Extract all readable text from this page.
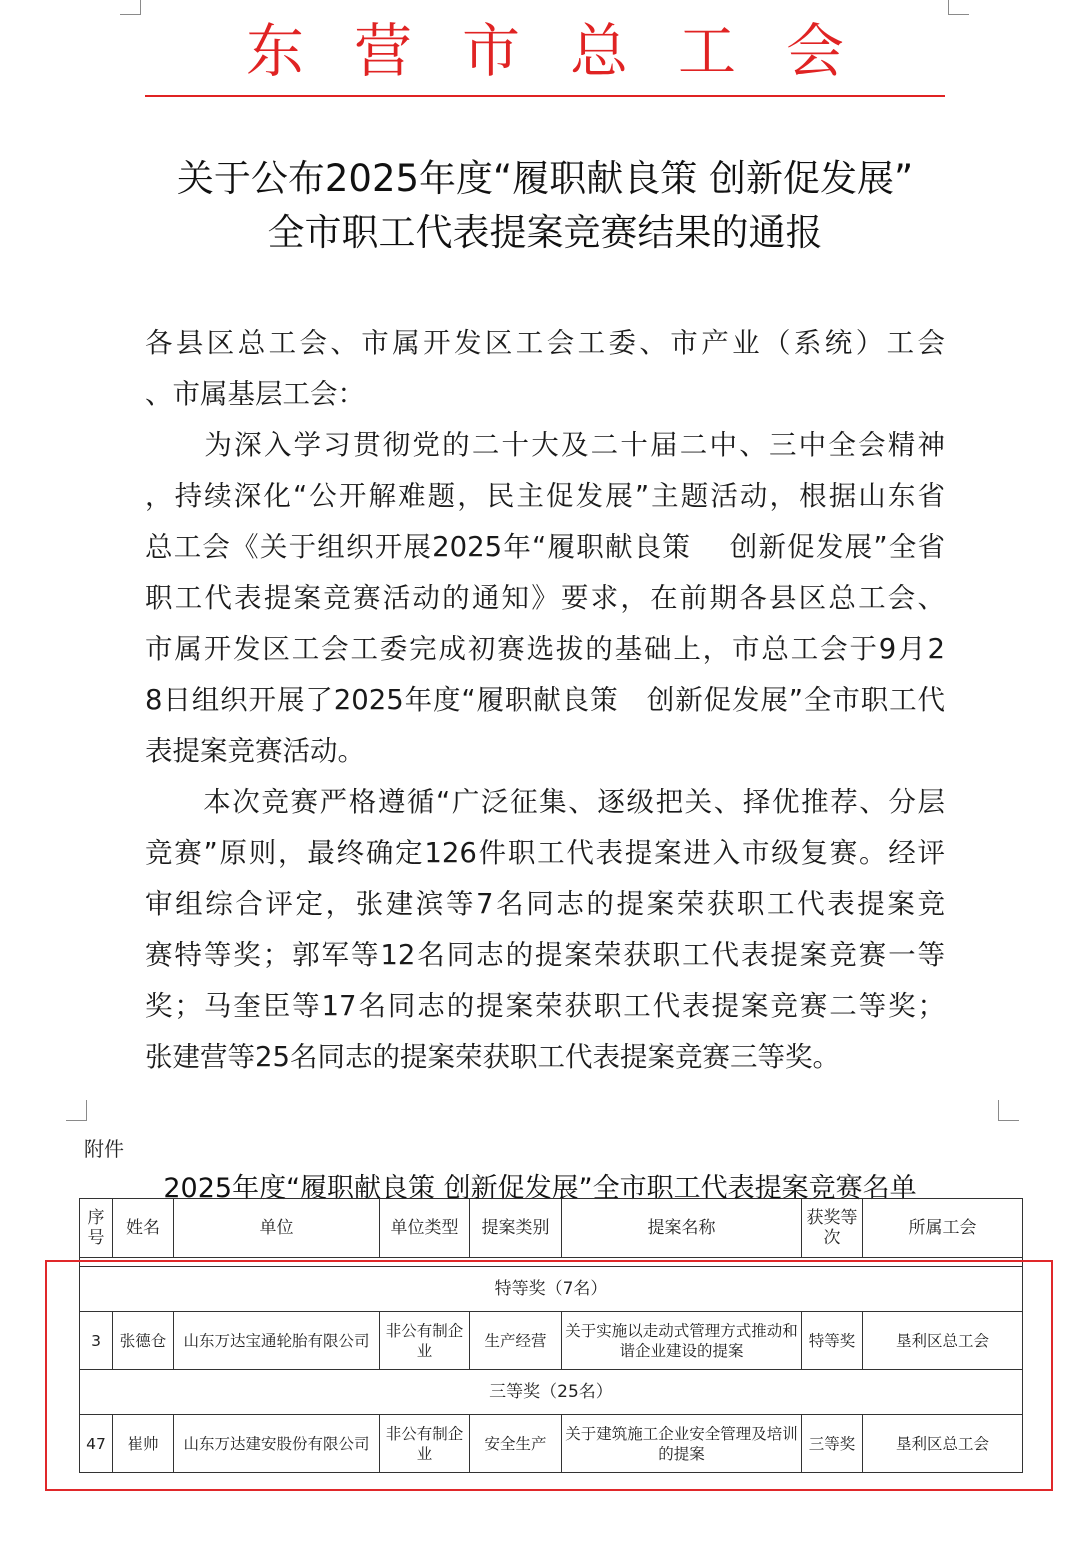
东营市总工会
关于公布2025年度“履职献良策 创新促发展”
全市职工代表提案竞赛结果的通报
各县区总工会、市属开发区工会工委、市产业（系统）工会
、市属基层工会：
　　为深入学习贯彻党的二十大及二十届二中、三中全会精神
，持续深化“公开解难题，民主促发展”主题活动，根据山东省
总工会《关于组织开展2025年“履职献良策　 创新促发展”全省
职工代表提案竞赛活动的通知》要求，在前期各县区总工会、
市属开发区工会工委完成初赛选拔的基础上，市总工会于9月2
8日组织开展了2025年度“履职献良策　创新促发展”全市职工代
表提案竞赛活动。
　　本次竞赛严格遵循“广泛征集、逐级把关、择优推荐、分层
竞赛”原则，最终确定126件职工代表提案进入市级复赛。经评
审组综合评定，张建滨等7名同志的提案荣获职工代表提案竞
赛特等奖；郭军等12名同志的提案荣获职工代表提案竞赛一等
奖；马奎臣等17名同志的提案荣获职工代表提案竞赛二等奖；
张建营等25名同志的提案荣获职工代表提案竞赛三等奖。
附件
2025年度“履职献良策 创新促发展”全市职工代表提案竞赛名单
序号	姓名	单位	单位类型	提案类别	提案名称	获奖等次	所属工会

特等奖（7名）							
3	张德仓	山东万达宝通轮胎有限公司	非公有制企业	生产经营	关于实施以走动式管理方式推动和谐企业建设的提案	特等奖	垦利区总工会
三等奖（25名）							
47	崔帅	山东万达建安股份有限公司	非公有制企业	安全生产	关于建筑施工企业安全管理及培训的提案	三等奖	垦利区总工会
